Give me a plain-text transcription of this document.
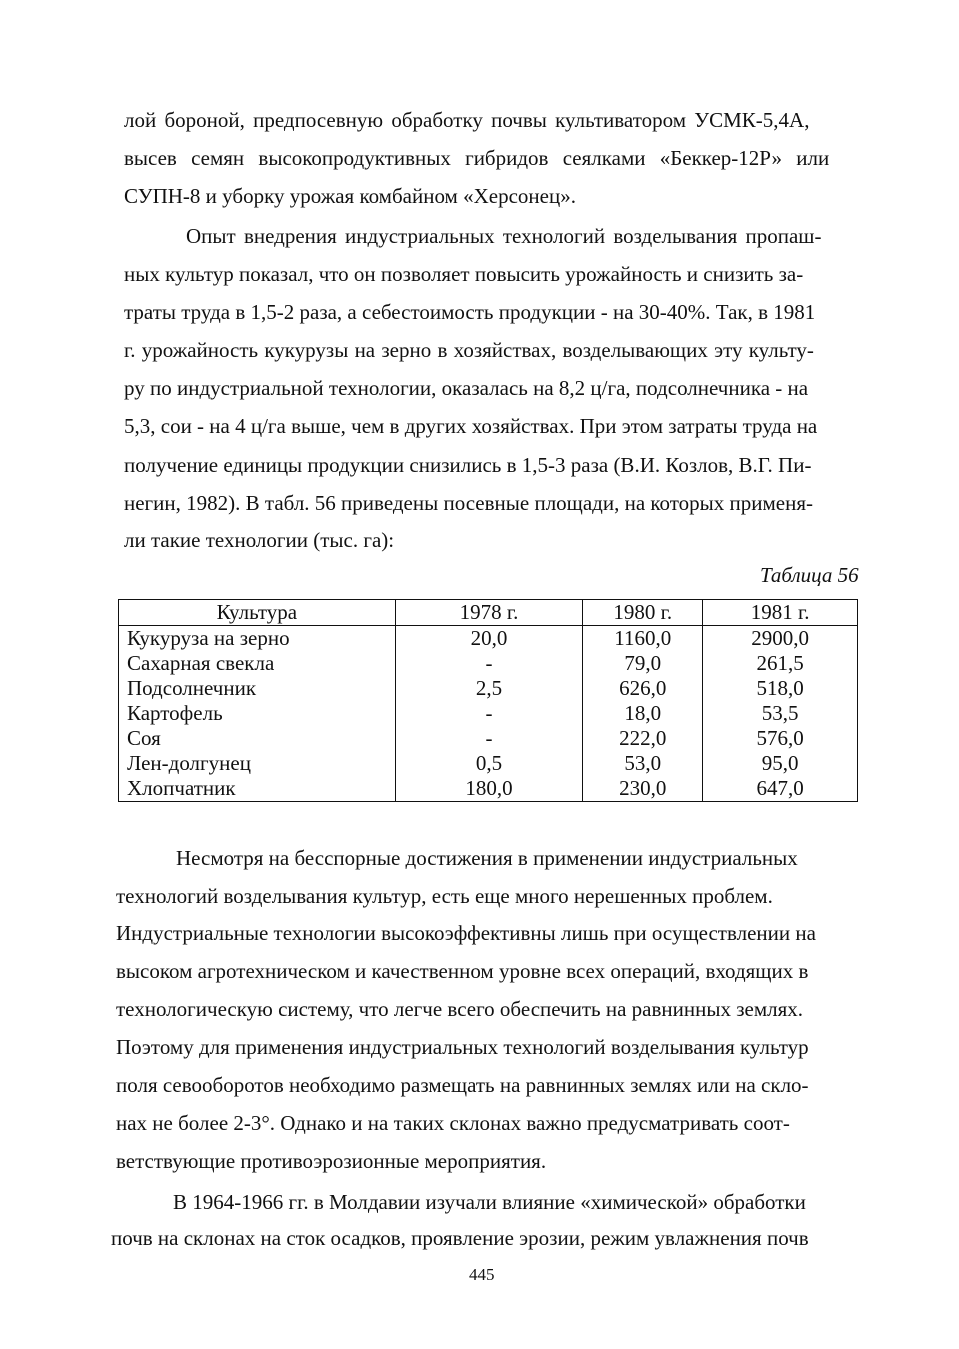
лой бороной, предпосевную обработку почвы культиватором УСМК-5,4А,
высев семян высокопродуктивных гибридов сеялками «Беккер-12Р» или
СУПН-8 и уборку урожая комбайном «Херсонец».
Опыт внедрения индустриальных технологий возделывания пропаш-
ных культур показал, что он позволяет повысить урожайность и снизить за-
траты труда в 1,5-2 раза, а себестоимость продукции - на 30-40%. Так, в 1981
г. урожайность кукурузы на зерно в хозяйствах, возделывающих эту культу-
ру по индустриальной технологии, оказалась на 8,2 ц/га, подсолнечника - на
5,3, сои - на 4 ц/га выше, чем в других хозяйствах. При этом затраты труда на
получение единицы продукции снизились в 1,5-3 раза (В.И. Козлов, В.Г. Пи-
негин, 1982). В табл. 56 приведены посевные площади, на которых применя-
ли такие технологии (тыс. га):
Таблица 56
Культура	1978 г.	1980 г.	1981 г.
Кукуруза на зерно	20,0	1160,0	2900,0
Сахарная свекла	-	79,0	261,5
Подсолнечник	2,5	626,0	518,0
Картофель	-	18,0	53,5
Соя	-	222,0	576,0
Лен-долгунец	0,5	53,0	95,0
Хлопчатник	180,0	230,0	647,0
Несмотря на бесспорные достижения в применении индустриальных
технологий возделывания культур, есть еще много нерешенных проблем.
Индустриальные технологии высокоэффективны лишь при осуществлении на
высоком агротехническом и качественном уровне всех операций, входящих в
технологическую систему, что легче всего обеспечить на равнинных землях.
Поэтому для применения индустриальных технологий возделывания культур
поля севооборотов необходимо размещать на равнинных землях или на скло-
нах не более 2-3°. Однако и на таких склонах важно предусматривать соот-
ветствующие противоэрозионные мероприятия.
В 1964-1966 гг. в Молдавии изучали влияние «химической» обработки
почв на склонах на сток осадков, проявление эрозии, режим увлажнения почв
445
